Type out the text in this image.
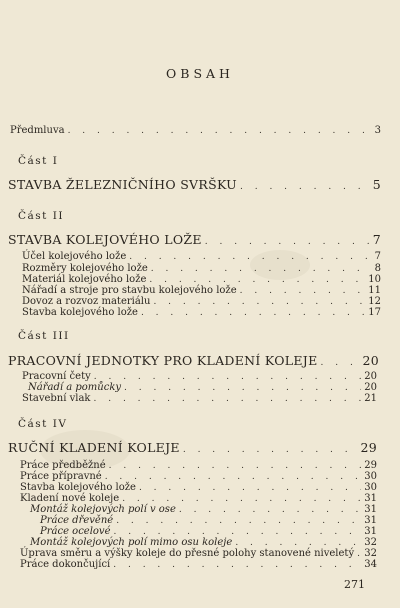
OBSAH
Předmluva . . .	3
Část I
STAVBA ŽELEZNIČNÍHO SVRŠKU . . .	5
Část II
STAVBA KOLEJOVÉHO LOŽE . . .	7
Účel kolejového lože . . .	7
Rozměry kolejového lože . . .	8
Materiál kolejového lože . . .	10
Nářadí a stroje pro stavbu kolejového lože . . .	11
Dovoz a rozvoz materiálu . . .	12
Stavba kolejového lože . . .	17
Část III
PRACOVNÍ JEDNOTKY PRO KLADENÍ KOLEJE . . .	20
Pracovní čety . . .	20
Nářadí a pomůcky . . .	20
Stavební vlak . . .	21
Část IV
RUČNÍ KLADENÍ KOLEJE . . .	29
Práce předběžné . . .	29
Práce přípravné . . .	30
Stavba kolejového lože . . .	30
Kladení nové koleje . . .	31
Montáž kolejových polí v ose . . .	31
Práce dřevěné . . .	31
Práce ocelové . . .	31
Montáž kolejových polí mimo osu koleje . . .	32
Úprava směru a výšky koleje do přesné polohy stanovené niveletý . . . 32
Práce dokončující . . .	34
271
